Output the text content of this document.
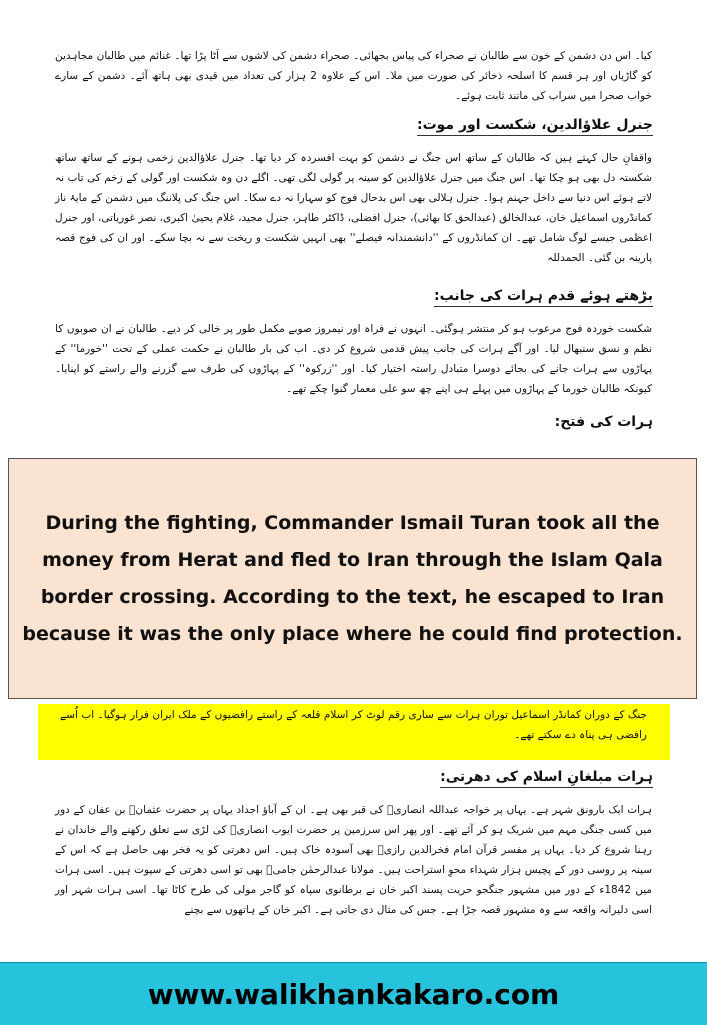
کیا۔ اس دن دشمن کے خون سے طالبان نے صحراء کی پیاس بجھائی۔ صحراء دشمن کی لاشوں سے اَٹا پڑا تھا۔ غنائم میں طالبان مجاہدین کو گاڑیاں اور ہر قسم کا اسلحہ ذخائر کی صورت میں ملا۔ اس کے علاوہ 2 ہزار کی تعداد میں قیدی بھی ہاتھ آئے۔ دشمن کے سارے خواب صحرا میں سراب کی مانند ثابت ہوئے۔
جنرل علاؤالدین، شکست اور موت:
واقفانِ حال کہتے ہیں کہ طالبان کے ساتھ اس جنگ نے دشمن کو بہت افسردہ کر دیا تھا۔ جنرل علاؤالدین زخمی ہونے کے ساتھ ساتھ شکستہ دل بھی ہو چکا تھا۔ اس جنگ میں جنرل علاؤالدین کو سینہ پر گولی لگی تھی۔ اگلے دن وہ شکست اور گولی کے زخم کی تاب نہ لاتے ہوئے اس دنیا سے داخل جہنم ہوا۔ جنرل ہلالی بھی اس بدحال فوج کو سہارا نہ دے سکا۔ اس جنگ کی پلاننگ میں دشمن کے مایۂ ناز کمانڈروں اسماعیل خان، عبدالخالق (عبدالحق کا بھائی)، جنرل افضلی، ڈاکٹر طاہر، جنرل مجید، غلام یحییٰ اکبری، نصر غوریاتی، اور جنرل اعظمی جیسے لوگ شامل تھے۔ ان کمانڈروں کے ''دانشمندانہ فیصلے'' بھی انہیں شکست و ریخت سے نہ بچا سکے۔ اور ان کی فوج قصہ پارینہ بن گئی۔ الحمدللہ
بڑھتے ہوئے قدم ہرات کی جانب:
شکست خوردہ فوج مرعوب ہو کر منتشر ہوگئی۔ انہوں نے فراہ اور نیمروز صوبے مکمل طور پر خالی کر دیے۔ طالبان نے ان صوبوں کا نظم و نسق سنبھال لیا۔ اور آگے ہرات کی جانب پیش قدمی شروع کر دی۔ اب کی بار طالبان نے حکمت عملی کے تحت ''خورما'' کے پہاڑوں سے ہرات جانے کی بجائے دوسرا متبادل راستہ اختیار کیا۔ اور ''زرکوہ'' کے پہاڑوں کی طرف سے گزرنے والے راستے کو اپنایا۔ کیونکہ طالبان خورما کے پہاڑوں میں پہلے ہی اپنے چھ سو علی معمار گنوا چکے تھے۔
ہرات کی فتح:
During the fighting, Commander Ismail Turan took all the money from Herat and fled to Iran through the Islam Qala border crossing. According to the text, he escaped to Iran because it was the only place where he could find protection.
جنگ کے دوران کمانڈر اسماعیل توران ہرات سے ساری رقم لوٹ کر اسلام قلعہ کے راستے رافضیوں کے ملک ایران فرار ہوگیا۔ اب اُسے رافضی ہی پناہ دے سکتے تھے۔
ہرات مبلغانِ اسلام کی دھرتی:
ہرات ایک بارونق شہر ہے۔ یہاں پر خواجہ عبداللہ انصاریؒ کی قبر بھی ہے۔ ان کے آباؤ اجداد یہاں پر حضرت عثمانؓ بن عفان کے دور میں کسی جنگی مہم میں شریک ہو کر آئے تھے۔ اور پھر اس سرزمین پر حضرت ایوب انصاریؓ کی لڑی سے تعلق رکھنے والے خاندان نے رہنا شروع کر دیا۔ یہاں پر مفسر قرآن امام فخرالدین رازیؒ بھی آسودہ خاک ہیں۔ اس دھرتی کو یہ فخر بھی حاصل ہے کہ اس کے سینہ پر روسی دور کے پچیس ہزار شہداء محوِ استراحت ہیں۔ مولانا عبدالرحمٰن جامیؒ بھی تو اسی دھرتی کے سپوت ہیں۔ اسی ہرات میں 1842ء کے دور میں مشہور جنگجو حریت پسند اکبر خان نے برطانوی سپاہ کو گاجر مولی کی طرح کاٹا تھا۔ اسی ہرات شہر اور اسی دلیرانہ واقعہ سے وہ مشہور قصہ جڑا ہے۔ جس کی مثال دی جاتی ہے۔ اکبر خان کے ہاتھوں سے بچنے
www.walikhankakaro.com
